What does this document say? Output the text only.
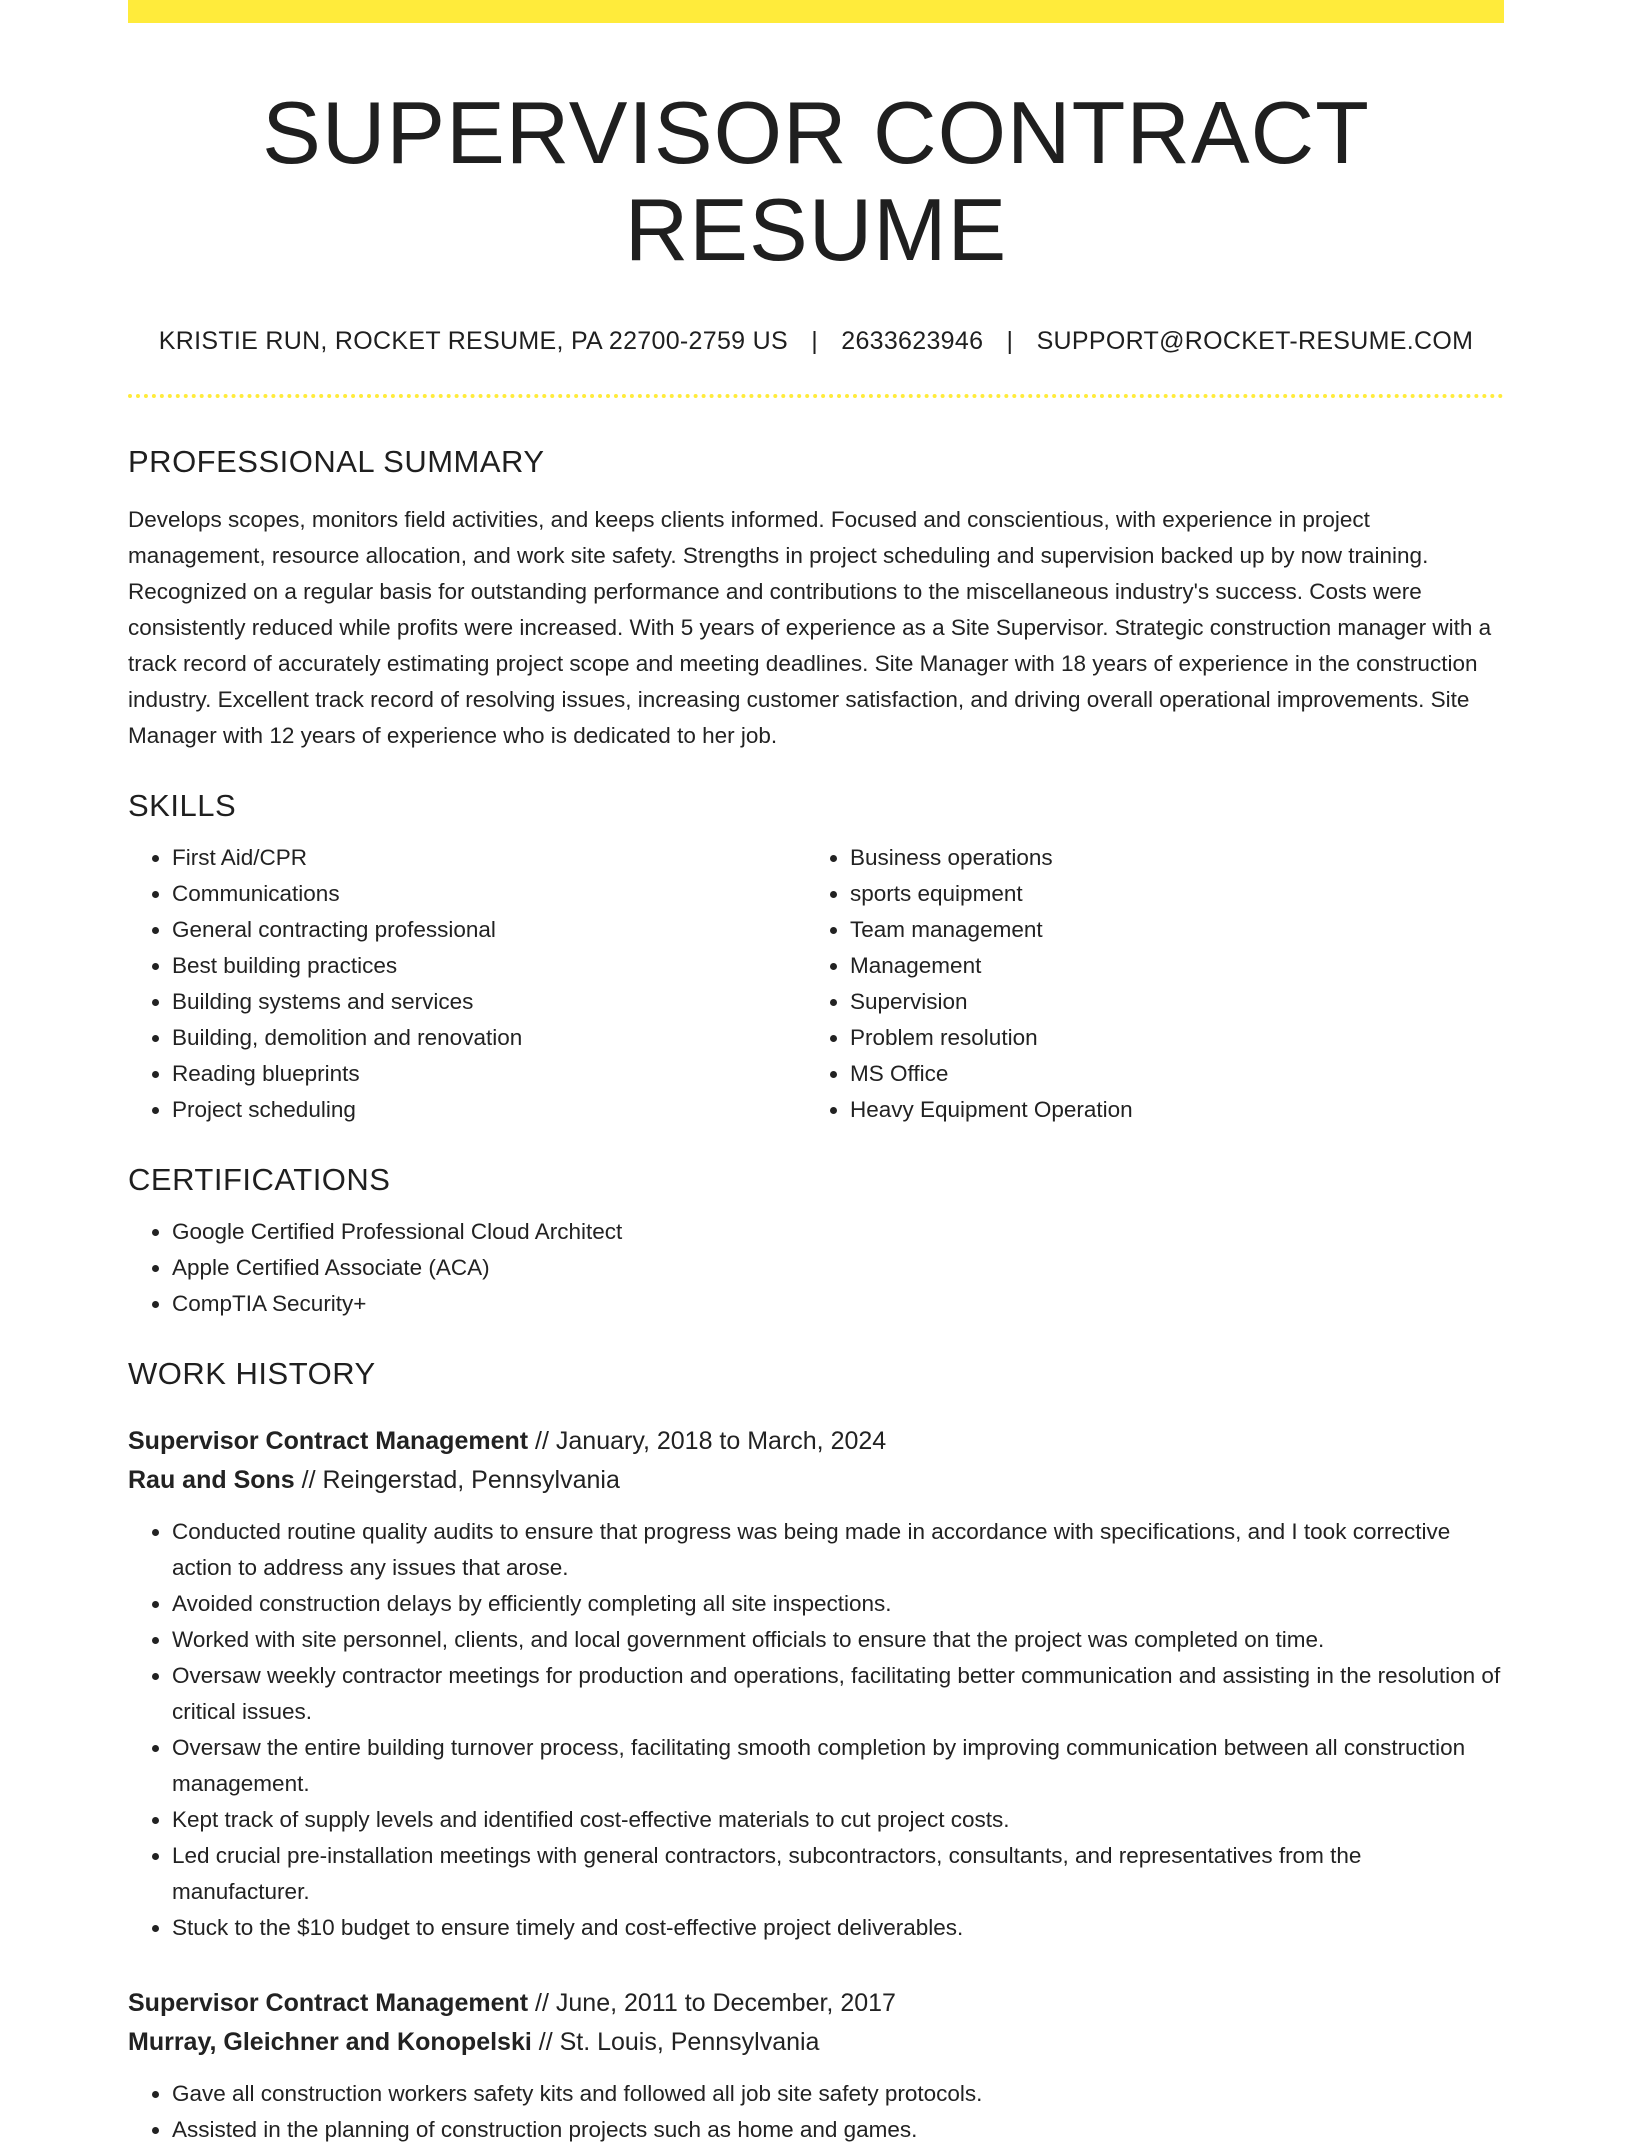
SUPERVISOR CONTRACT RESUME
KRISTIE RUN, ROCKET RESUME, PA 22700-2759 US | 2633623946 | SUPPORT@ROCKET-RESUME.COM
PROFESSIONAL SUMMARY
Develops scopes, monitors field activities, and keeps clients informed. Focused and conscientious, with experience in project management, resource allocation, and work site safety. Strengths in project scheduling and supervision backed up by now training. Recognized on a regular basis for outstanding performance and contributions to the miscellaneous industry's success. Costs were consistently reduced while profits were increased. With 5 years of experience as a Site Supervisor. Strategic construction manager with a track record of accurately estimating project scope and meeting deadlines. Site Manager with 18 years of experience in the construction industry. Excellent track record of resolving issues, increasing customer satisfaction, and driving overall operational improvements. Site Manager with 12 years of experience who is dedicated to her job.
SKILLS
• First Aid/CPR
• Communications
• General contracting professional
• Best building practices
• Building systems and services
• Building, demolition and renovation
• Reading blueprints
• Project scheduling
• Business operations
• sports equipment
• Team management
• Management
• Supervision
• Problem resolution
• MS Office
• Heavy Equipment Operation
CERTIFICATIONS
• Google Certified Professional Cloud Architect
• Apple Certified Associate (ACA)
• CompTIA Security+
WORK HISTORY
Supervisor Contract Management // January, 2018 to March, 2024
Rau and Sons // Reingerstad, Pennsylvania
• Conducted routine quality audits to ensure that progress was being made in accordance with specifications, and I took corrective action to address any issues that arose.
• Avoided construction delays by efficiently completing all site inspections.
• Worked with site personnel, clients, and local government officials to ensure that the project was completed on time.
• Oversaw weekly contractor meetings for production and operations, facilitating better communication and assisting in the resolution of critical issues.
• Oversaw the entire building turnover process, facilitating smooth completion by improving communication between all construction management.
• Kept track of supply levels and identified cost-effective materials to cut project costs.
• Led crucial pre-installation meetings with general contractors, subcontractors, consultants, and representatives from the manufacturer.
• Stuck to the $10 budget to ensure timely and cost-effective project deliverables.
Supervisor Contract Management // June, 2011 to December, 2017
Murray, Gleichner and Konopelski // St. Louis, Pennsylvania
• Gave all construction workers safety kits and followed all job site safety protocols.
• Assisted in the planning of construction projects such as home and games.
